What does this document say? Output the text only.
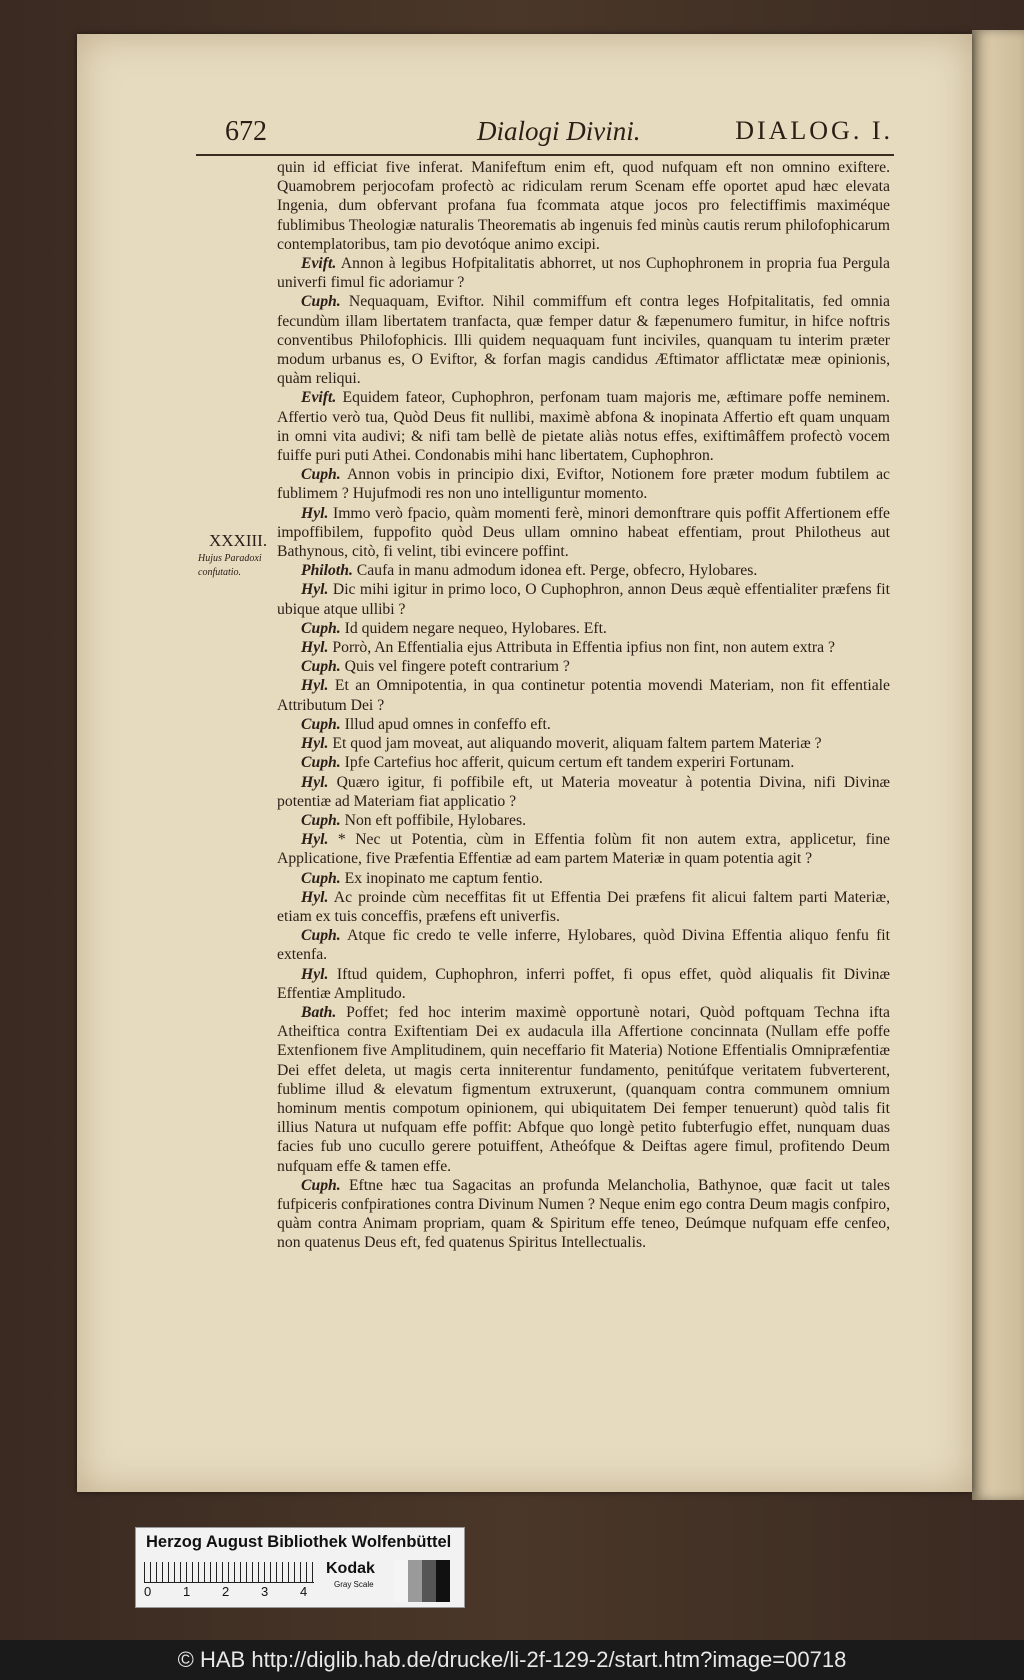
672	Dialogi Divini.	DIALOG. I.
XXXIII.
Hujus Paradoxi confutatio.

quin id efficiat five inferat. Manifeftum enim eft, quod nufquam eft non omnino exiftere. Quamobrem perjocofam profectò ac ridiculam rerum Scenam effe oportet apud hæc elevata Ingenia, dum obfervant profana fua fcommata atque jocos pro felectiffimis maximéque fublimibus Theologiæ naturalis Theorematis ab ingenuis fed minùs cautis rerum philofophicarum contemplatoribus, tam pio devotóque animo excipi.

Evift. Annon à legibus Hofpitalitatis abhorret, ut nos Cuphophronem in propria fua Pergula univerfi fimul fic adoriamur ?

Cuph. Nequaquam, Eviftor. Nihil commiffum eft contra leges Hofpitalitatis, fed omnia fecundùm illam libertatem tranfacta, quæ femper datur & fæpenumero fumitur, in hifce noftris conventibus Philofophicis. Illi quidem nequaquam funt inciviles, quanquam tu interim præter modum urbanus es, O Eviftor, & forfan magis candidus Æftimator afflictatæ meæ opinionis, quàm reliqui.

Evift. Equidem fateor, Cuphophron, perfonam tuam majoris me, æftimare poffe neminem. Affertio verò tua, Quòd Deus fit nullibi, maximè abfona & inopinata Affertio eft quam unquam in omni vita audivi; & nifi tam bellè de pietate aliàs notus effes, exiftimâffem profectò vocem fuiffe puri puti Athei. Condonabis mihi hanc libertatem, Cuphophron.

Cuph. Annon vobis in principio dixi, Eviftor, Notionem fore præter modum fubtilem ac fublimem ? Hujufmodi res non uno intelliguntur momento.

Hyl. Immo verò fpacio, quàm momenti ferè, minori demonftrare quis poffit Affertionem effe impoffibilem, fuppofito quòd Deus ullam omnino habeat effentiam, prout Philotheus aut Bathynous, citò, fi velint, tibi evincere poffint.

Philoth. Caufa in manu admodum idonea eft. Perge, obfecro, Hylobares.

Hyl. Dic mihi igitur in primo loco, O Cuphophron, annon Deus æquè effentialiter præfens fit ubique atque ullibi ?

Cuph. Id quidem negare nequeo, Hylobares. Eft.

Hyl. Porrò, An Effentialia ejus Attributa in Effentia ipfius non fint, non autem extra ?

Cuph. Quis vel fingere poteft contrarium ?

Hyl. Et an Omnipotentia, in qua continetur potentia movendi Materiam, non fit effentiale Attributum Dei ?

Cuph. Illud apud omnes in confeffo eft.

Hyl. Et quod jam moveat, aut aliquando moverit, aliquam faltem partem Materiæ ?

Cuph. Ipfe Cartefius hoc afferit, quicum certum eft tandem experiri Fortunam.

Hyl. Quæro igitur, fi poffibile eft, ut Materia moveatur à potentia Divina, nifi Divinæ potentiæ ad Materiam fiat applicatio ?

Cuph. Non eft poffibile, Hylobares.

Hyl. * Nec ut Potentia, cùm in Effentia folùm fit non autem extra, applicetur, fine Applicatione, five Præfentia Effentiæ ad eam partem Materiæ in quam potentia agit ?

Cuph. Ex inopinato me captum fentio.

Hyl. Ac proinde cùm neceffitas fit ut Effentia Dei præfens fit alicui faltem parti Materiæ, etiam ex tuis conceffis, præfens eft univerfis.

Cuph. Atque fic credo te velle inferre, Hylobares, quòd Divina Effentia aliquo fenfu fit extenfa.

Hyl. Iftud quidem, Cuphophron, inferri poffet, fi opus effet, quòd aliqualis fit Divinæ Effentiæ Amplitudo.

Bath. Poffet; fed hoc interim maximè opportunè notari, Quòd poftquam Technа ifta Atheiftica contra Exiftentiam Dei ex audacula illa Affertione concinnata (Nullam effe poffe Extenfionem five Amplitudinem, quin neceffario fit Materia) Notione Effentialis Omnipræfentiæ Dei effet deleta, ut magis certa inniterentur fundamento, penitúfque veritatem fubverterent, fublime illud & elevatum figmentum extruxerunt, (quanquam contra communem omnium hominum mentis compotum opinionem, qui ubiquitatem Dei femper tenuerunt) quòd talis fit illius Natura ut nufquam effe poffit: Abfque quo longè petito fubterfugio effet, nunquam duas facies fub uno cucullo gerere potuiffent, Atheófque & Deiftas agere fimul, profitendo Deum nufquam effe & tamen effe.

Cuph. Eftne hæc tua Sagacitas an profunda Melancholia, Bathynoe, quæ facit ut tales fufpiceris confpirationes contra Divinum Numen ? Neque enim ego contra Deum magis confpiro, quàm contra Animam propriam, quam & Spiritum effe teneo, Deúmque nufquam effe cenfeo, non quatenus Deus eft, fed quatenus Spiritus Intellectualis.

Herzog August Bibliothek Wolfenbüttel
0 1 2 3 4
Kodak
Gray Scale
© HAB http://diglib.hab.de/drucke/li-2f-129-2/start.htm?image=00718
